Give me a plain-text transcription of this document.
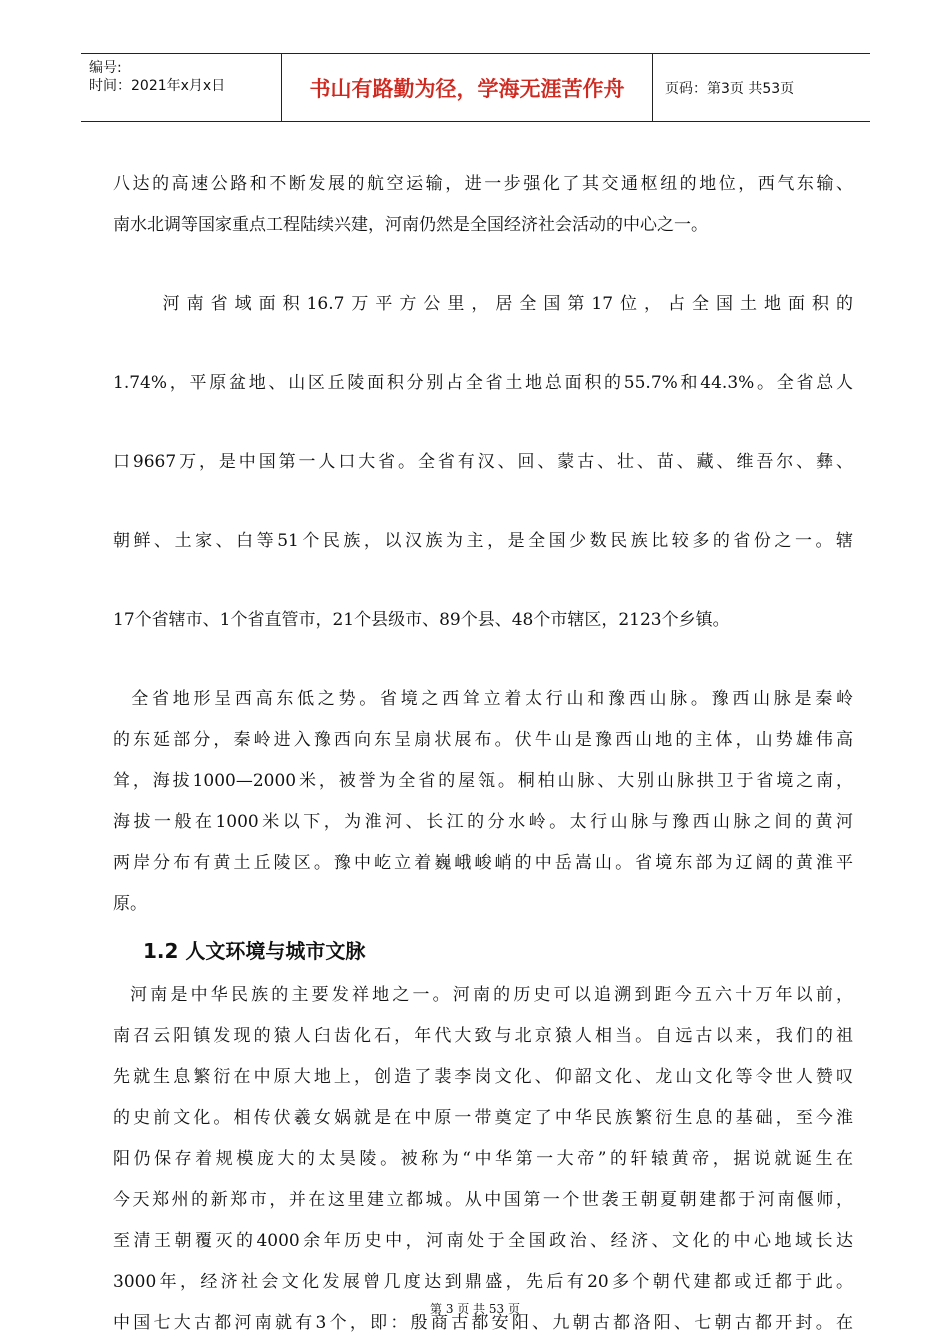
编号:
时间：2021年x月x日	书山有路勤为径，学海无涯苦作舟	页码：第3页 共53页
八达的高速公路和不断发展的航空运输，进一步强化了其交通枢纽的地位，西气东输、
南水北调等国家重点工程陆续兴建，河南仍然是全国经济社会活动的中心之一。

河南省域面积16.7万平方公里，居全国第17位，占全国土地面积的

1.74%，平原盆地、山区丘陵面积分别占全省土地总面积的55.7%和44.3%。全省总人

口9667万，是中国第一人口大省。全省有汉、回、蒙古、壮、苗、藏、维吾尔、彝、

朝鲜、土家、白等51个民族，以汉族为主，是全国少数民族比较多的省份之一。辖

17个省辖市、1个省直管市，21个县级市、89个县、48个市辖区，2123个乡镇。

全省地形呈西高东低之势。省境之西耸立着太行山和豫西山脉。豫西山脉是秦岭
的东延部分，秦岭进入豫西向东呈扇状展布。伏牛山是豫西山地的主体，山势雄伟高
耸，海拔1000—2000米，被誉为全省的屋瓴。桐柏山脉、大别山脉拱卫于省境之南，
海拔一般在1000米以下，为淮河、长江的分水岭。太行山脉与豫西山脉之间的黄河
两岸分布有黄土丘陵区。豫中屹立着巍峨峻峭的中岳嵩山。省境东部为辽阔的黄淮平
原。
1.2 人文环境与城市文脉
河南是中华民族的主要发祥地之一。河南的历史可以追溯到距今五六十万年以前，
南召云阳镇发现的猿人臼齿化石，年代大致与北京猿人相当。自远古以来，我们的祖
先就生息繁衍在中原大地上，创造了裴李岗文化、仰韶文化、龙山文化等令世人赞叹
的史前文化。相传伏羲女娲就是在中原一带奠定了中华民族繁衍生息的基础，至今淮
阳仍保存着规模庞大的太昊陵。被称为“中华第一大帝”的轩辕黄帝，据说就诞生在
今天郑州的新郑市，并在这里建立都城。从中国第一个世袭王朝夏朝建都于河南偃师，
至清王朝覆灭的4000余年历史中，河南处于全国政治、经济、文化的中心地域长达
3000年，经济社会文化发展曾几度达到鼎盛，先后有20多个朝代建都或迁都于此。
中国七大古都河南就有3个，即：殷商古都安阳、九朝古都洛阳、七朝古都开封。在
第 3 页 共 53 页
